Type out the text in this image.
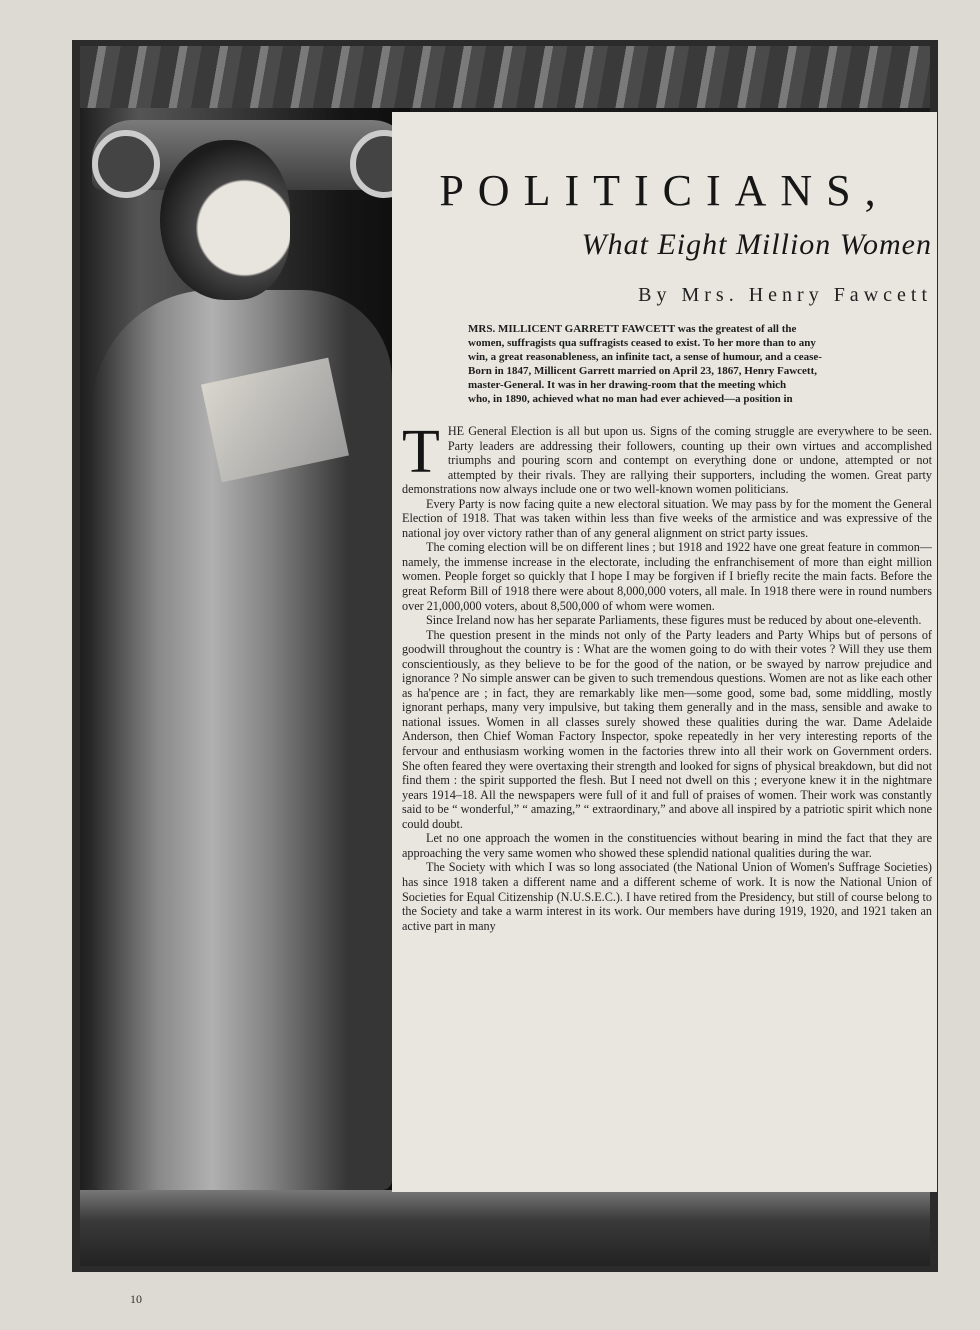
POLITICIANS,
What Eight Million Women
By Mrs. Henry Fawcett
MRS. MILLICENT GARRETT FAWCETT was the greatest of all the
women, suffragists qua suffragists ceased to exist. To her more than to any
win, a great reasonableness, an infinite tact, a sense of humour, and a cease-
Born in 1847, Millicent Garrett married on April 23, 1867, Henry Fawcett,
master-General. It was in her drawing-room that the meeting which
who, in 1890, achieved what no man had ever achieved—a position in

THE General Election is all but upon us. Signs of the coming struggle are everywhere to be seen. Party leaders are addressing their followers, counting up their own virtues and accomplished triumphs and pouring scorn and contempt on everything done or undone, attempted or not attempted by their rivals. They are rallying their supporters, including the women. Great party demonstrations now always include one or two well-known women politicians.

Every Party is now facing quite a new electoral situation. We may pass by for the moment the General Election of 1918. That was taken within less than five weeks of the armistice and was expressive of the national joy over victory rather than of any general alignment on strict party issues.

The coming election will be on different lines ; but 1918 and 1922 have one great feature in common—namely, the immense increase in the electorate, including the enfranchisement of more than eight million women. People forget so quickly that I hope I may be forgiven if I briefly recite the main facts. Before the great Reform Bill of 1918 there were about 8,000,000 voters, all male. In 1918 there were in round numbers over 21,000,000 voters, about 8,500,000 of whom were women.

Since Ireland now has her separate Parliaments, these figures must be reduced by about one-eleventh.

The question present in the minds not only of the Party leaders and Party Whips but of persons of goodwill throughout the country is : What are the women going to do with their votes ? Will they use them conscientiously, as they believe to be for the good of the nation, or be swayed by narrow prejudice and ignorance ? No simple answer can be given to such tremendous questions. Women are not as like each other as ha'pence are ; in fact, they are remarkably like men—some good, some bad, some middling, mostly ignorant perhaps, many very impulsive, but taking them generally and in the mass, sensible and awake to national issues. Women in all classes surely showed these qualities during the war. Dame Adelaide Anderson, then Chief Woman Factory Inspector, spoke repeatedly in her very interesting reports of the fervour and enthusiasm working women in the factories threw into all their work on Government orders. She often feared they were overtaxing their strength and looked for signs of physical breakdown, but did not find them : the spirit supported the flesh. But I need not dwell on this ; everyone knew it in the nightmare years 1914–18. All the newspapers were full of it and full of praises of women. Their work was constantly said to be “ wonderful,” “ amazing,” “ extraordinary,” and above all inspired by a patriotic spirit which none could doubt.

Let no one approach the women in the constituencies without bearing in mind the fact that they are approaching the very same women who showed these splendid national qualities during the war.

The Society with which I was so long associated (the National Union of Women's Suffrage Societies) has since 1918 taken a different name and a different scheme of work. It is now the National Union of Societies for Equal Citizenship (N.U.S.E.C.). I have retired from the Presidency, but still of course belong to the Society and take a warm interest in its work. Our members have during 1919, 1920, and 1921 taken an active part in many

10
